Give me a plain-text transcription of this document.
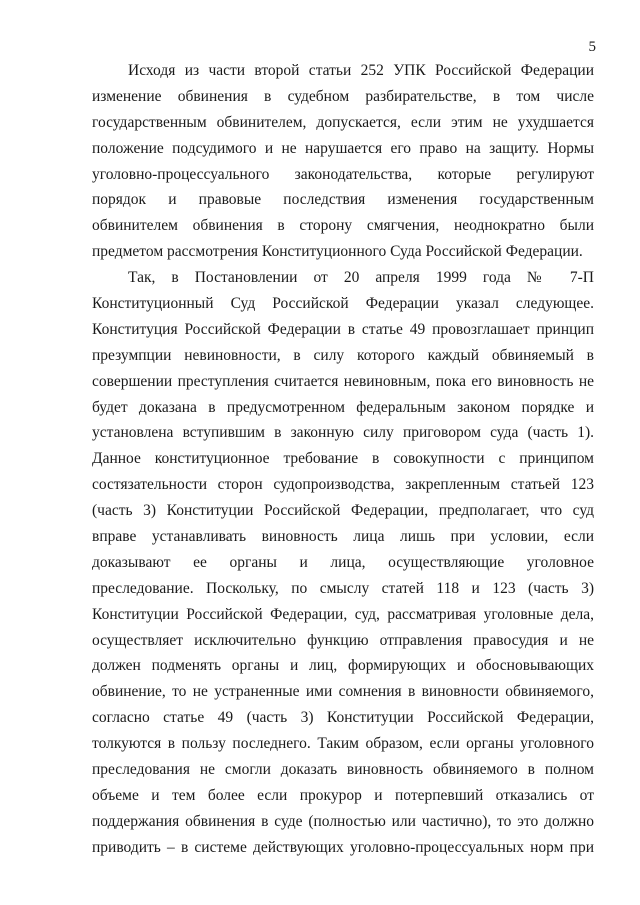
5
Исходя из части второй статьи 252 УПК Российской Федерации
изменение обвинения в судебном разбирательстве, в том числе
государственным обвинителем, допускается, если этим не ухудшается
положение подсудимого и не нарушается его право на защиту. Нормы
уголовно-процессуального законодательства, которые регулируют
порядок и правовые последствия изменения государственным
обвинителем обвинения в сторону смягчения, неоднократно были
предметом рассмотрения Конституционного Суда Российской Федерации.
Так, в Постановлении от 20 апреля 1999 года № 7-П
Конституционный Суд Российской Федерации указал следующее.
Конституция Российской Федерации в статье 49 провозглашает принцип
презумпции невиновности, в силу которого каждый обвиняемый в
совершении преступления считается невиновным, пока его виновность не
будет доказана в предусмотренном федеральным законом порядке и
установлена вступившим в законную силу приговором суда (часть 1).
Данное конституционное требование в совокупности с принципом
состязательности сторон судопроизводства, закрепленным статьей 123
(часть 3) Конституции Российской Федерации, предполагает, что суд
вправе устанавливать виновность лица лишь при условии, если
доказывают ее органы и лица, осуществляющие уголовное
преследование. Поскольку, по смыслу статей 118 и 123 (часть 3)
Конституции Российской Федерации, суд, рассматривая уголовные дела,
осуществляет исключительно функцию отправления правосудия и не
должен подменять органы и лиц, формирующих и обосновывающих
обвинение, то не устраненные ими сомнения в виновности обвиняемого,
согласно статье 49 (часть 3) Конституции Российской Федерации,
толкуются в пользу последнего. Таким образом, если органы уголовного
преследования не смогли доказать виновность обвиняемого в полном
объеме и тем более если прокурор и потерпевший отказались от
поддержания обвинения в суде (полностью или частично), то это должно
приводить – в системе действующих уголовно-процессуальных норм при
